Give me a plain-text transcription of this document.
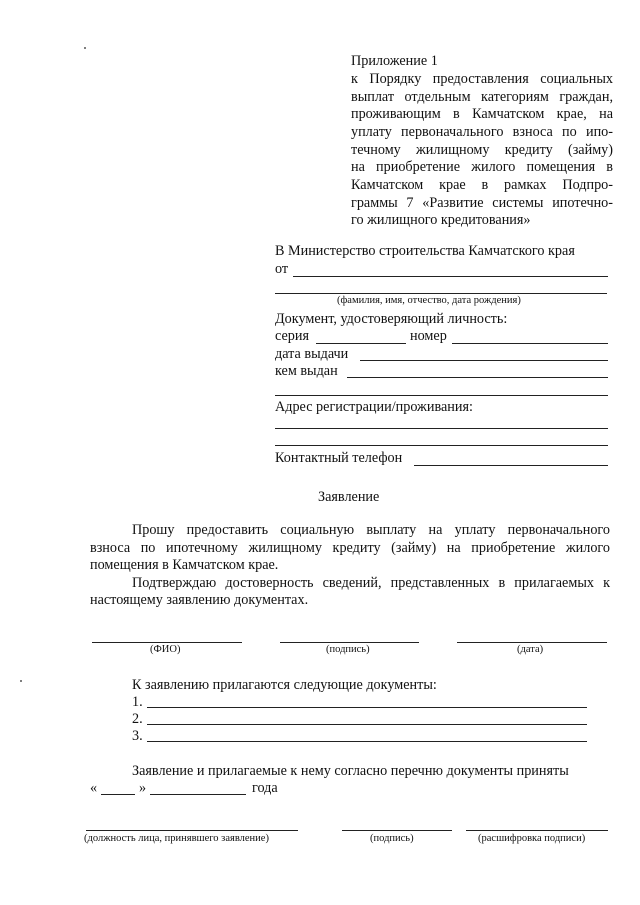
Приложение 1
к Порядку предоставления социальных
выплат отдельным категориям граждан,
проживающим в Камчатском крае, на
уплату первоначального взноса по ипо-
течному жилищному кредиту (займу)
на приобретение жилого помещения в
Камчатском крае в рамках Подпро-
граммы 7 «Развитие системы ипотечно-
го жилищного кредитования»
В Министерство строительства Камчатского края
от
(фамилия, имя, отчество, дата рождения)
Документ, удостоверяющий личность:
серия	номер
дата выдачи
кем выдан
Адрес регистрации/проживания:
Контактный телефон
Заявление
Прошу предоставить социальную выплату на уплату первоначального
взноса по ипотечному жилищному кредиту (займу) на приобретение жилого
помещения в Камчатском крае.
Подтверждаю достоверность сведений, представленных в прилагаемых к
настоящему заявлению документах.
(ФИО)	(подпись)	(дата)
К заявлению прилагаются следующие документы:
1.
2.
3.
Заявление и прилагаемые к нему согласно перечню документы приняты
«	»	года
(должность лица, принявшего заявление)	(подпись)	(расшифровка подписи)
